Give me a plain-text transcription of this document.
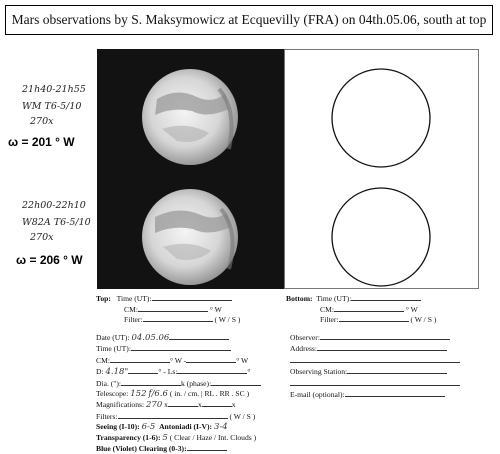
Mars observations by S. Maksymowicz at Ecquevilly (FRA) on 04th.05.06, south at top
21h40-21h55
WM T6-5/10
270x
ω = 201 ° W
22h00-22h10
W82A T6-5/10
270x
ω = 206 ° W
Top: Time (UT):
CM:	° W
Filter:	( W / S )
Bottom: Time (UT):
CM:	° W
Filter:	( W / S )
Date (UT): 04.05.06
Time (UT):
CM:	° W -	° W
D: 4.18"	° - Ls:	°
Dia. ("):	k (phase):
Telescope: 152 f/6.6 ( in. / cm. | RL . RR . SC )
Magnifications: 270 x	x	x
Filters:	( W / S )
Seeing (I-10): 6-5 Antoniadi (I-V): 3-4
Transparency (1-6): 5 ( Clear / Haze / Int. Clouds )
Blue (Violet) Clearing (0-3):
Observer:
Address:
Observing Station:
E-mail (optional):
